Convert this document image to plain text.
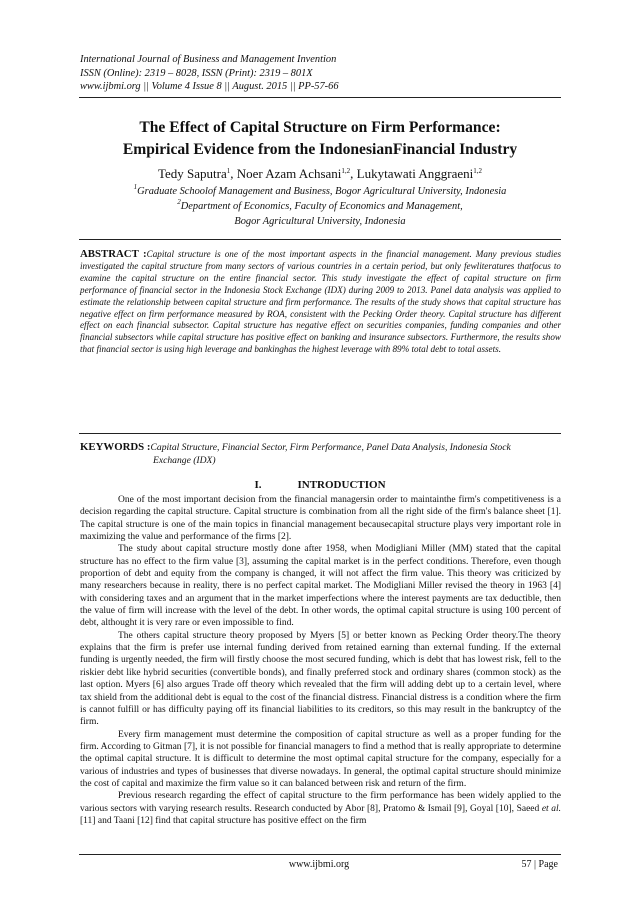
International Journal of Business and Management Invention
ISSN (Online): 2319 – 8028, ISSN (Print): 2319 – 801X
www.ijbmi.org || Volume 4 Issue 8 || August. 2015 || PP-57-66
The Effect of Capital Structure on Firm Performance:
Empirical Evidence from the IndonesianFinancial Industry
Tedy Saputra$^1$, Noer Azam Achsani$^{1,2}$, Lukytawati Anggraeni$^{1,2}$
$^1$Graduate Schoolof Management and Business, Bogor Agricultural University, Indonesia
$^2$Department of Economics, Faculty of Economics and Management,
Bogor Agricultural University, Indonesia

ABSTRACT :Capital structure is one of the most important aspects in the financial management. Many previous studies investigated the capital structure from many sectors of various countries in a certain period, but only fewliteratures thatfocus to examine the capital structure on the entire financial sector. This study investigate the effect of capital structure on firm performance of financial sector in the Indonesia Stock Exchange (IDX) during 2009 to 2013. Panel data analysis was applied to estimate the relationship between capital structure and firm performance. The results of the study shows that capital structure has negative effect on firm performance measured by ROA, consistent with the Pecking Order theory. Capital structure has different effect on each financial subsector. Capital structure has negative effect on securities companies, funding companies and other financial subsectors while capital structure has positive effect on banking and insurance subsectors. Furthermore, the results show that financial sector is using high leverage and bankinghas the highest leverage with 89% total debt to total assets.

KEYWORDS :Capital Structure, Financial Sector, Firm Performance, Panel Data Analysis, Indonesia Stock
Exchange (IDX)
I.	INTRODUCTION

One of the most important decision from the financial managersin order to maintainthe firm's competitiveness is a decision regarding the capital structure. Capital structure is combination from all the right side of the firm's balance sheet [1]. The capital structure is one of the main topics in financial management becausecapital structure plays very important role in maximizing the value and performance of the firms [2].

The study about capital structure mostly done after 1958, when Modigliani Miller (MM) stated that the capital structure has no effect to the firm value [3], assuming the capital market is in the perfect conditions. Therefore, even though proportion of debt and equity from the company is changed, it will not affect the firm value. This theory was criticized by many researchers because in reality, there is no perfect capital market. The Modigliani Miller revised the theory in 1963 [4] with considering taxes and an argument that in the market imperfections where the interest payments are tax deductible, then the value of firm will increase with the level of the debt. In other words, the optimal capital structure is using 100 percent of debt, althought it is very rare or even impossible to find.

The others capital structure theory proposed by Myers [5] or better known as Pecking Order theory.The theory explains that the firm is prefer use internal funding derived from retained earning than external funding. If the external funding is urgently needed, the firm will firstly choose the most secured funding, which is debt that has lowest risk, fell to the riskier debt like hybrid securities (convertible bonds), and finally preferred stock and ordinary shares (common stock) as the last option. Myers [6] also argues Trade off theory which revealed that the firm will adding debt up to a certain level, where tax shield from the additional debt is equal to the cost of the financial distress. Financial distress is a condition where the firm is cannot fulfill or has difficulty paying off its financial liabilities to its creditors, so this may result in the bankruptcy of the firm.

Every firm management must determine the composition of capital structure as well as a proper funding for the firm. According to Gitman [7], it is not possible for financial managers to find a method that is really appropriate to determine the optimal capital structure. It is difficult to determine the most optimal capital structure for the company, especially for a various of industries and types of businesses that diverse nowadays. In general, the optimal capital structure should minimize the cost of capital and maximize the firm value so it can balanced between risk and return of the firm.

Previous research regarding the effect of capital structure to the firm performance has been widely applied to the various sectors with varying research results. Research conducted by Abor [8], Pratomo & Ismail [9], Goyal [10], Saeed et al. [11] and Taani [12] find that capital structure has positive effect on the firm

www.ijbmi.org	57 | Page
